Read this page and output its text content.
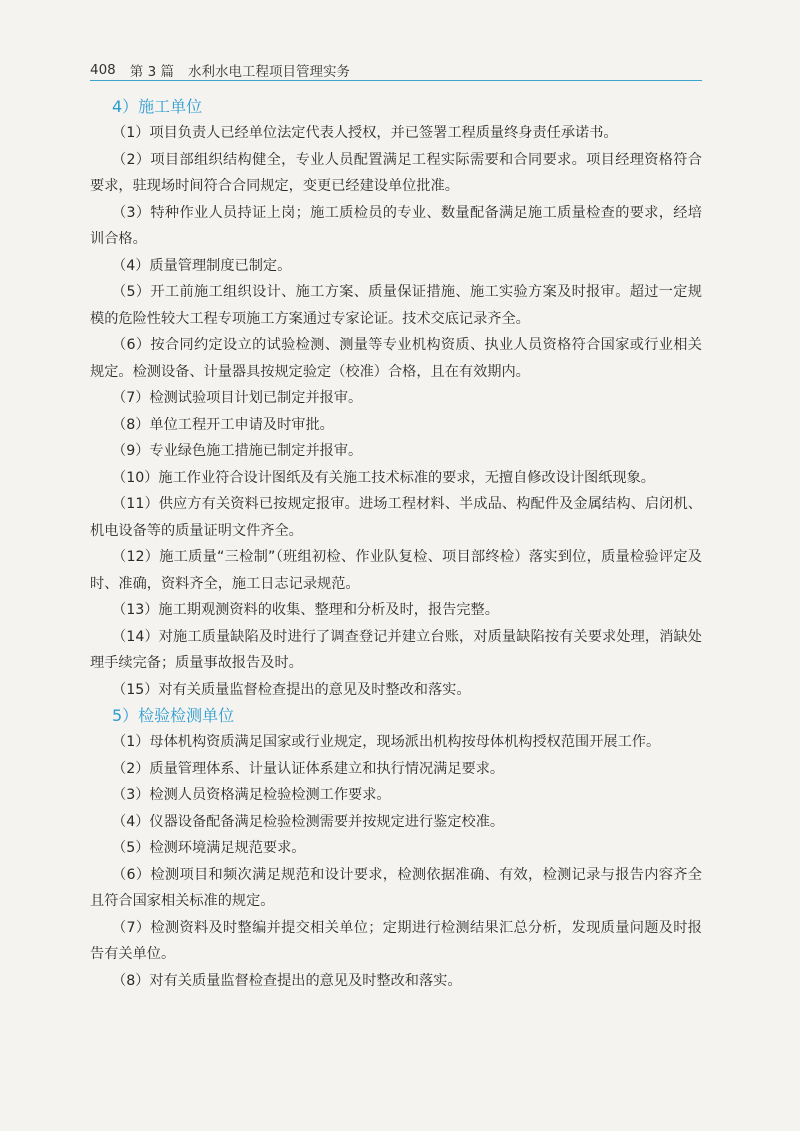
408 第 3 篇 水利水电工程项目管理实务
4）施工单位

（1）项目负责人已经单位法定代表人授权，并已签署工程质量终身责任承诺书。

（2）项目部组织结构健全，专业人员配置满足工程实际需要和合同要求。项目经理资格符合要求，驻现场时间符合合同规定，变更已经建设单位批准。

（3）特种作业人员持证上岗；施工质检员的专业、数量配备满足施工质量检查的要求，经培训合格。

（4）质量管理制度已制定。

（5）开工前施工组织设计、施工方案、质量保证措施、施工实验方案及时报审。超过一定规模的危险性较大工程专项施工方案通过专家论证。技术交底记录齐全。

（6）按合同约定设立的试验检测、测量等专业机构资质、执业人员资格符合国家或行业相关规定。检测设备、计量器具按规定验定（校准）合格，且在有效期内。

（7）检测试验项目计划已制定并报审。

（8）单位工程开工申请及时审批。

（9）专业绿色施工措施已制定并报审。

（10）施工作业符合设计图纸及有关施工技术标准的要求，无擅自修改设计图纸现象。

（11）供应方有关资料已按规定报审。进场工程材料、半成品、构配件及金属结构、启闭机、机电设备等的质量证明文件齐全。

（12）施工质量“三检制”（班组初检、作业队复检、项目部终检）落实到位，质量检验评定及时、准确，资料齐全，施工日志记录规范。

（13）施工期观测资料的收集、整理和分析及时，报告完整。

（14）对施工质量缺陷及时进行了调查登记并建立台账，对质量缺陷按有关要求处理，消缺处理手续完备；质量事故报告及时。

（15）对有关质量监督检查提出的意见及时整改和落实。

5）检验检测单位

（1）母体机构资质满足国家或行业规定，现场派出机构按母体机构授权范围开展工作。

（2）质量管理体系、计量认证体系建立和执行情况满足要求。

（3）检测人员资格满足检验检测工作要求。

（4）仪器设备配备满足检验检测需要并按规定进行鉴定校准。

（5）检测环境满足规范要求。

（6）检测项目和频次满足规范和设计要求，检测依据准确、有效，检测记录与报告内容齐全且符合国家相关标准的规定。

（7）检测资料及时整编并提交相关单位；定期进行检测结果汇总分析，发现质量问题及时报告有关单位。

（8）对有关质量监督检查提出的意见及时整改和落实。
